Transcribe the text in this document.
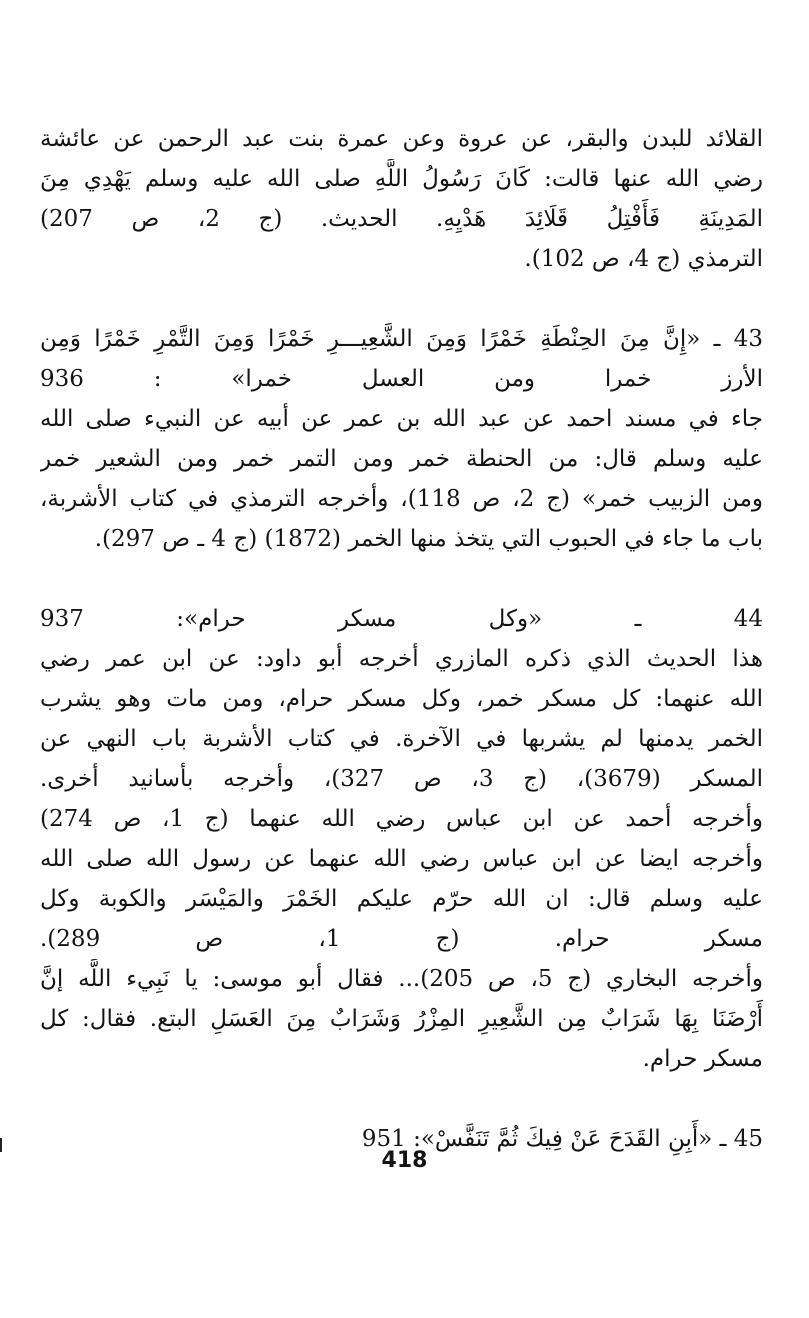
القلائد للبدن والبقر، عن عروة وعن عمرة بنت عبد الرحمن عن عائشة
رضي الله عنها قالت: كَانَ رَسُولُ اللَّهِ صلى الله عليه وسلم يَهْدِي مِنَ
المَدِينَةِ فَأَفْتِلُ قَلَائِدَ هَدْيِهِ. الحديث. (ج 2، ص 207)
الترمذي (ج 4، ص 102).
43 ـ «إِنَّ مِنَ الحِنْطَةِ خَمْرًا وَمِنَ الشَّعِيـــرِ خَمْرًا وَمِنَ التَّمْرِ خَمْرًا وَمِن
الأرز خمرا ومن العسل خمرا» : 936
جاء في مسند احمد عن عبد الله بن عمر عن أبيه عن النبيء صلى الله
عليه وسلم قال: من الحنطة خمر ومن التمر خمر ومن الشعير خمر
ومن الزبيب خمر» (ج 2، ص 118)، وأخرجه الترمذي في كتاب الأشربة،
باب ما جاء في الحبوب التي يتخذ منها الخمر (1872) (ج 4 ـ ص 297).
44 ـ «وكل مسكر حرام»: 937
هذا الحديث الذي ذكره المازري أخرجه أبو داود: عن ابن عمر رضي
الله عنهما: كل مسكر خمر، وكل مسكر حرام، ومن مات وهو يشرب
الخمر يدمنها لم يشربها في الآخرة. في كتاب الأشربة باب النهي عن
المسكر (3679)، (ج 3، ص 327)، وأخرجه بأسانيد أخرى.
وأخرجه أحمد عن ابن عباس رضي الله عنهما (ج 1، ص 274)
وأخرجه ايضا عن ابن عباس رضي الله عنهما عن رسول الله صلى الله
عليه وسلم قال: ان الله حرّم عليكم الخَمْرَ والمَيْسَر والكوبة وكل
مسكر حرام. (ج 1، ص 289).
وأخرجه البخاري (ج 5، ص 205)... فقال أبو موسى: يا نَبِيء اللَّه إنَّ
أَرْضَنَا بِهَا شَرَابٌ مِن الشَّعِيرِ المِزْرُ وَشَرَابٌ مِنَ العَسَلِ البتع. فقال: كل
مسكر حرام.
45 ـ «أَبِنِ القَدَحَ عَنْ فِيكَ ثُمَّ تَنَفَّسْ»: 951
418
